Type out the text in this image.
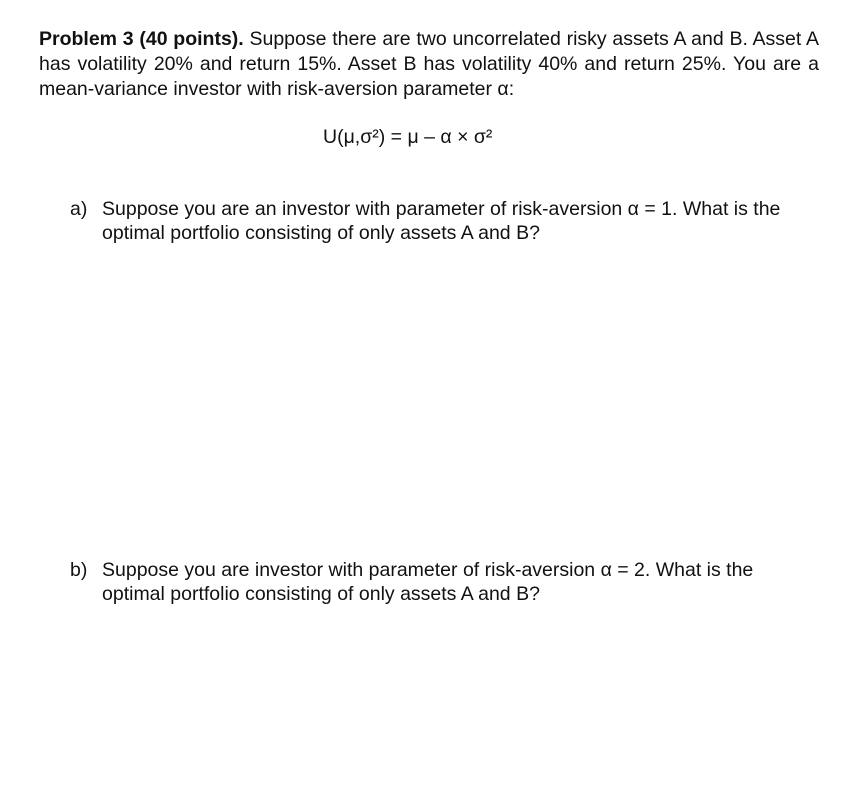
Problem 3 (40 points). Suppose there are two uncorrelated risky assets A and B. Asset A has volatility 20% and return 15%. Asset B has volatility 40% and return 25%. You are a mean-variance investor with risk-aversion parameter α:

U(μ,σ²) = μ – α × σ²

a) Suppose you are an investor with parameter of risk-aversion α = 1. What is the optimal portfolio consisting of only assets A and B?

b) Suppose you are investor with parameter of risk-aversion α = 2. What is the optimal portfolio consisting of only assets A and B?
